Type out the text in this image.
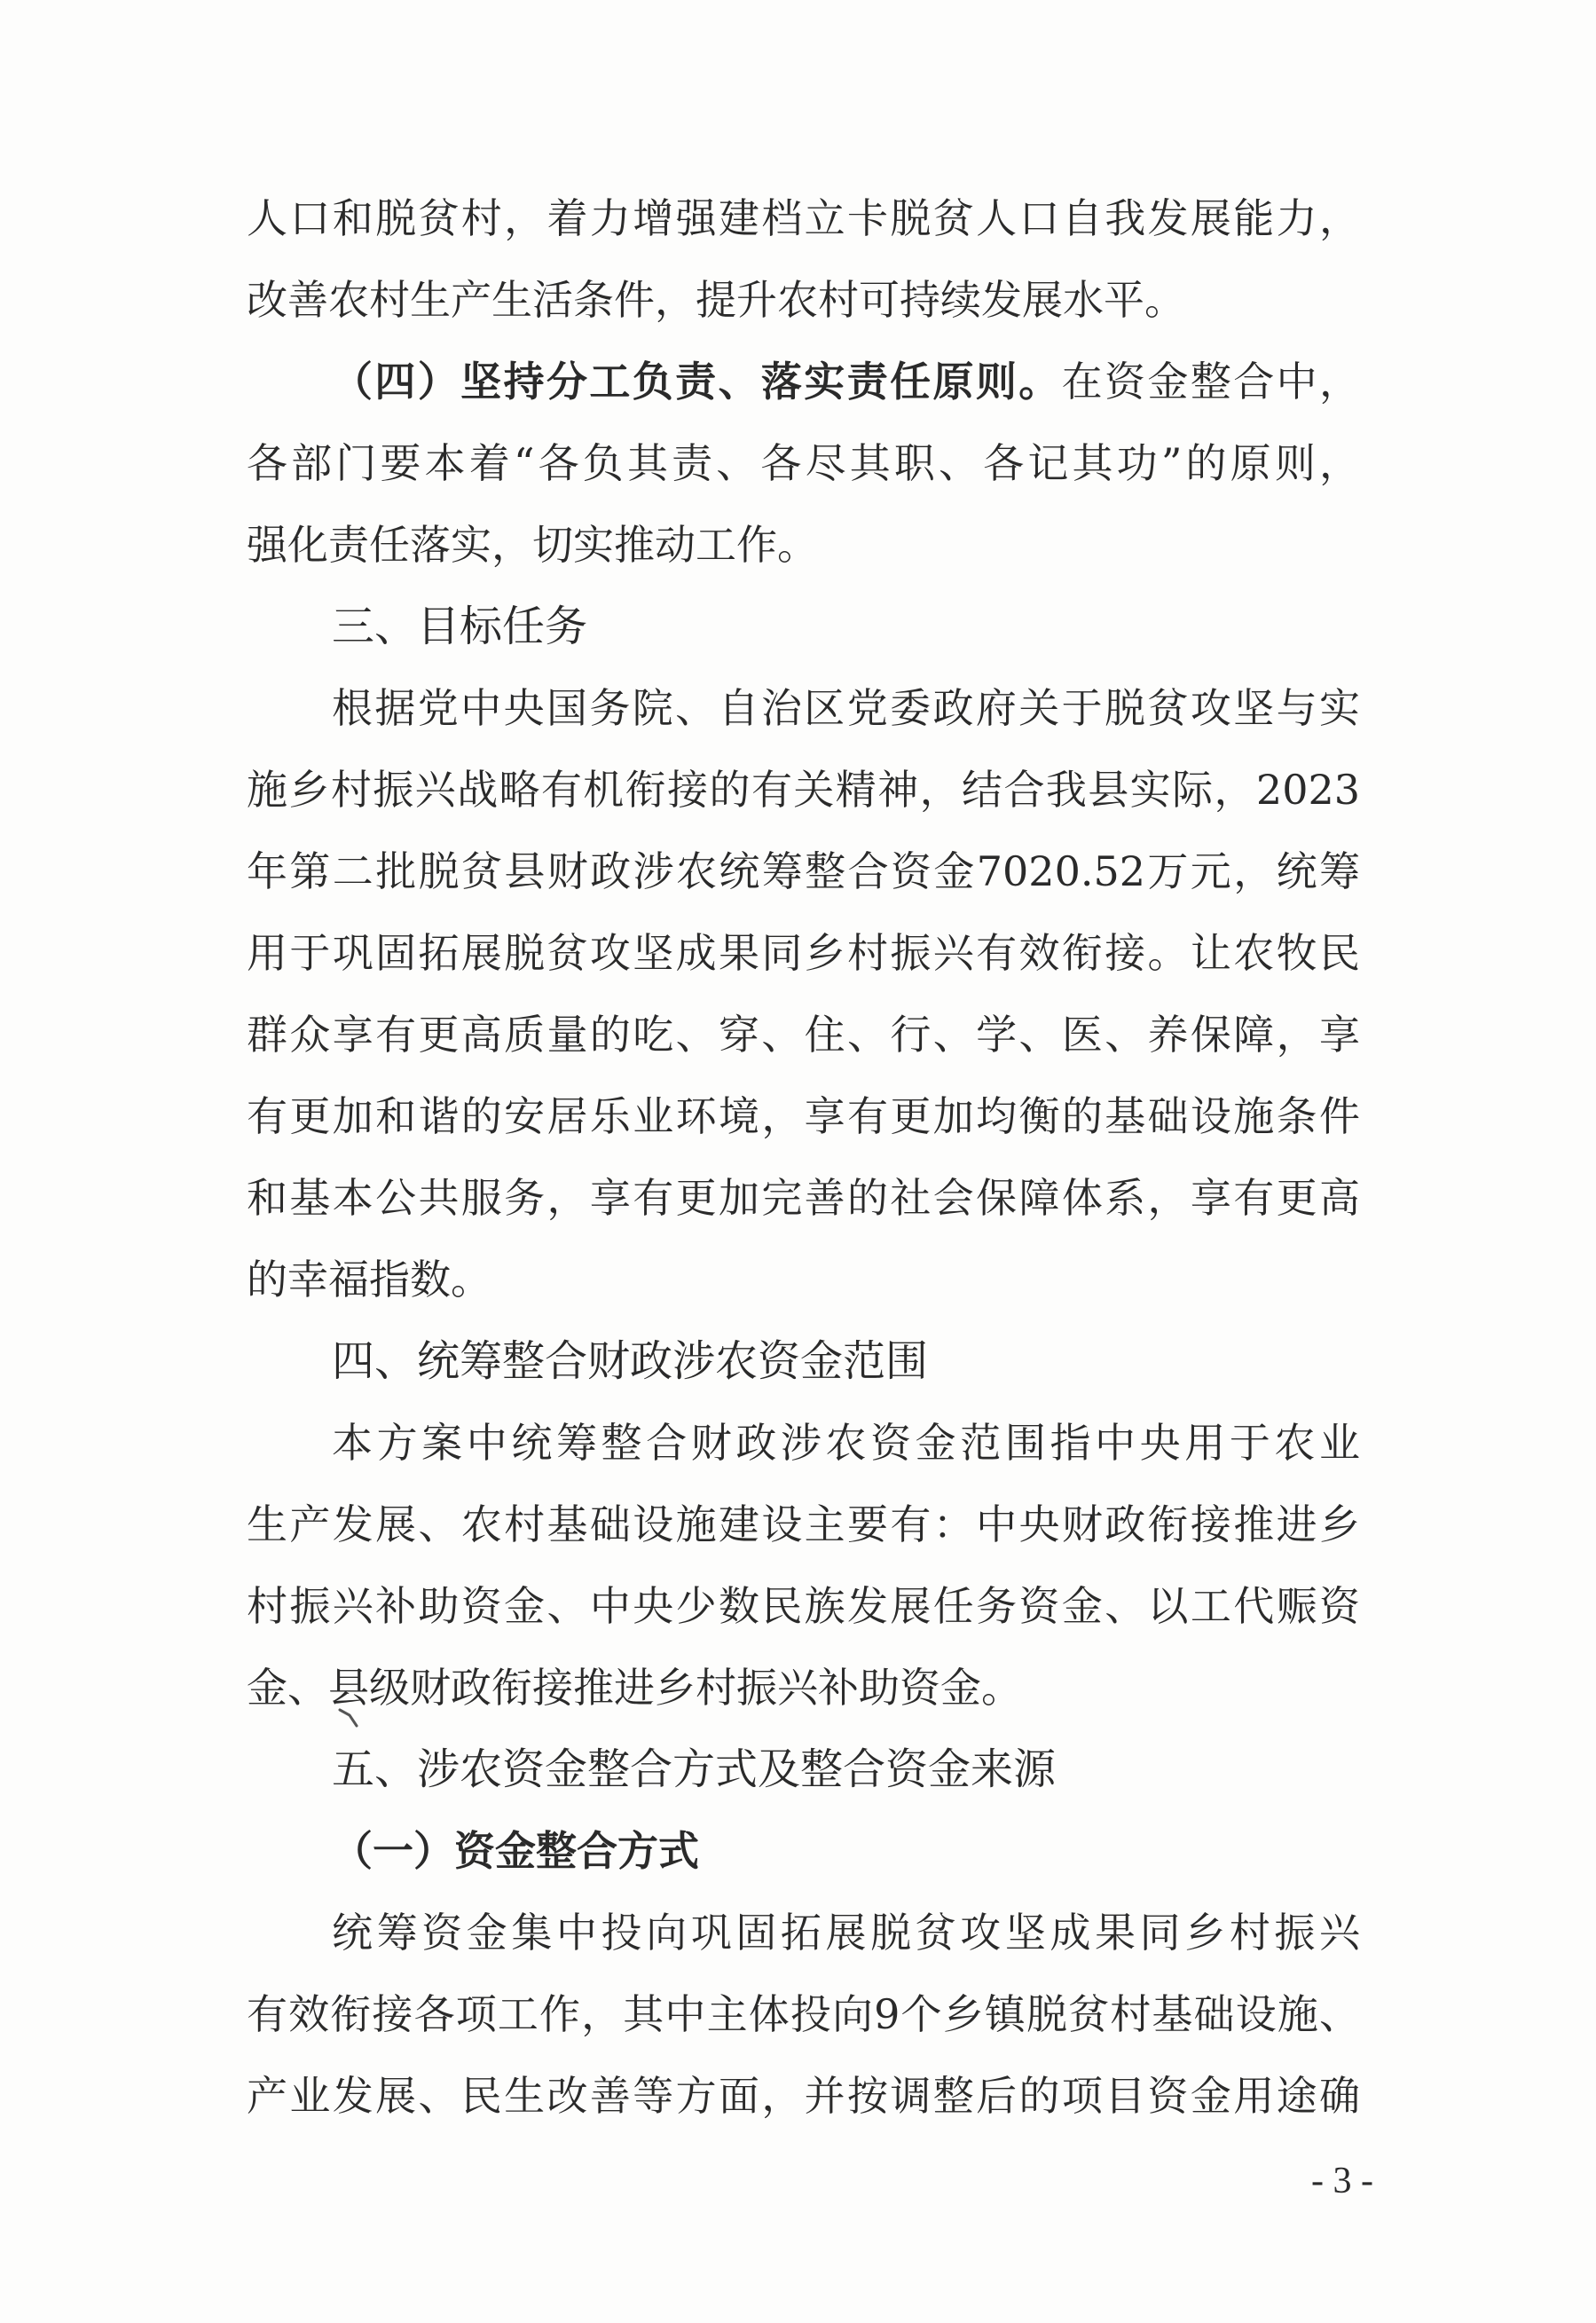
人口和脱贫村，着力增强建档立卡脱贫人口自我发展能力，
改善农村生产生活条件，提升农村可持续发展水平。
（四）坚持分工负责、落实责任原则。在资金整合中，
各部门要本着“各负其责、各尽其职、各记其功”的原则，
强化责任落实，切实推动工作。
三、目标任务
根据党中央国务院、自治区党委政府关于脱贫攻坚与实
施乡村振兴战略有机衔接的有关精神，结合我县实际，2023
年第二批脱贫县财政涉农统筹整合资金7020.52万元，统筹
用于巩固拓展脱贫攻坚成果同乡村振兴有效衔接。让农牧民
群众享有更高质量的吃、穿、住、行、学、医、养保障，享
有更加和谐的安居乐业环境，享有更加均衡的基础设施条件
和基本公共服务，享有更加完善的社会保障体系，享有更高
的幸福指数。
四、统筹整合财政涉农资金范围
本方案中统筹整合财政涉农资金范围指中央用于农业
生产发展、农村基础设施建设主要有：中央财政衔接推进乡
村振兴补助资金、中央少数民族发展任务资金、以工代赈资
金、县级财政衔接推进乡村振兴补助资金。
五、涉农资金整合方式及整合资金来源
（一）资金整合方式
统筹资金集中投向巩固拓展脱贫攻坚成果同乡村振兴
有效衔接各项工作，其中主体投向9个乡镇脱贫村基础设施、
产业发展、民生改善等方面，并按调整后的项目资金用途确
- 3 -
